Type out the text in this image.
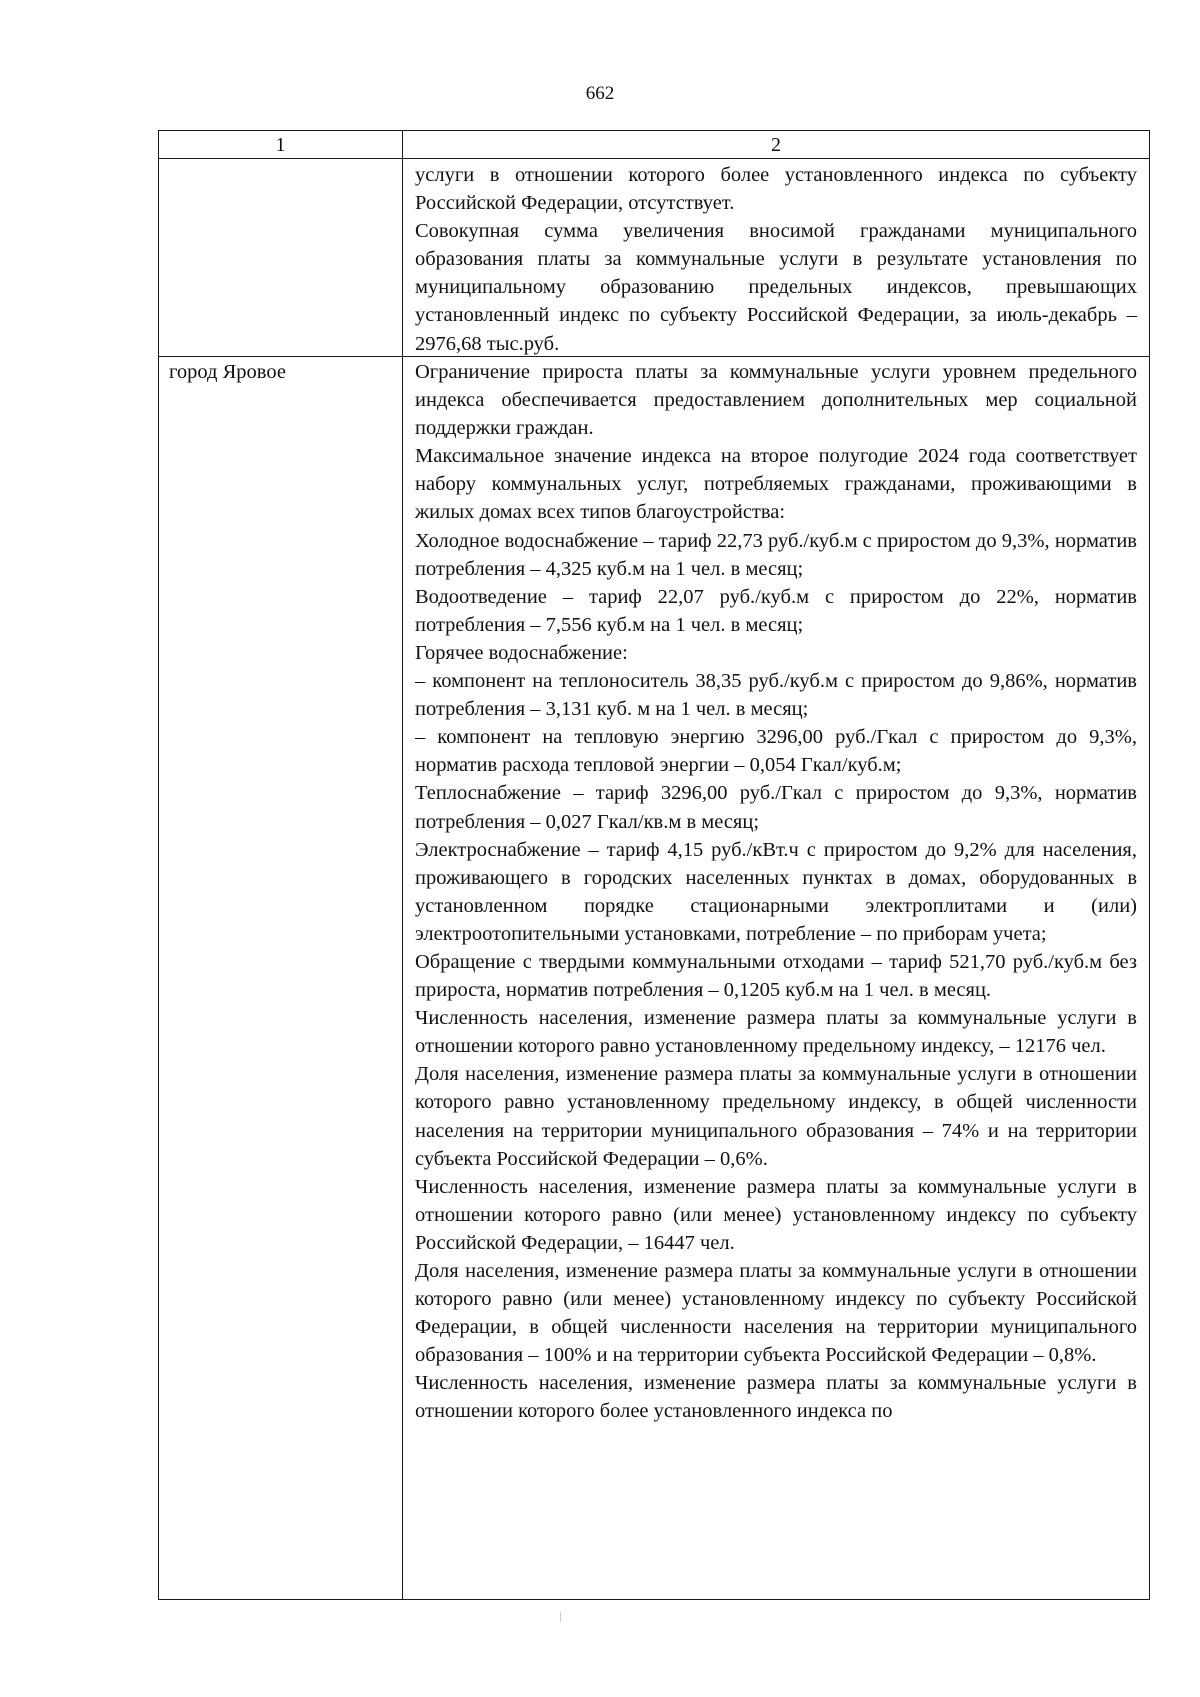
662
1	2

услуги в отношении которого более установленного индекса по субъекту Российской Федерации, отсутствует.

Совокупная сумма увеличения вносимой гражданами муниципального образования платы за коммунальные услуги в результате установления по муниципальному образованию предельных индексов, превышающих установленный индекс по субъекту Российской Федерации, за июль-декабрь – 2976,68 тыс.руб.

город Яровое	Ограничение прироста платы за коммунальные услуги уровнем предельного индекса обеспечивается предоставлением дополнительных мер социальной поддержки граждан.

Максимальное значение индекса на второе полугодие 2024 года соответствует набору коммунальных услуг, потребляемых гражданами, проживающими в жилых домах всех типов благоустройства:

Холодное водоснабжение – тариф 22,73 руб./куб.м с приростом до 9,3%, норматив потребления – 4,325 куб.м на 1 чел. в месяц;

Водоотведение – тариф 22,07 руб./куб.м с приростом до 22%, норматив потребления – 7,556 куб.м на 1 чел. в месяц;

Горячее водоснабжение:

– компонент на теплоноситель 38,35 руб./куб.м с приростом до 9,86%, норматив потребления – 3,131 куб. м на 1 чел. в месяц;

– компонент на тепловую энергию 3296,00 руб./Гкал с приростом до 9,3%, норматив расхода тепловой энергии – 0,054 Гкал/куб.м;

Теплоснабжение – тариф 3296,00 руб./Гкал с приростом до 9,3%, норматив потребления – 0,027 Гкал/кв.м в месяц;

Электроснабжение – тариф 4,15 руб./кВт.ч с приростом до 9,2% для населения, проживающего в городских населенных пунктах в домах, оборудованных в установленном порядке стационарными электроплитами и (или) электроотопительными установками, потребление – по приборам учета;

Обращение с твердыми коммунальными отходами – тариф 521,70 руб./куб.м без прироста, норматив потребления – 0,1205 куб.м на 1 чел. в месяц.

Численность населения, изменение размера платы за коммунальные услуги в отношении которого равно установленному предельному индексу, – 12176 чел.

Доля населения, изменение размера платы за коммунальные услуги в отношении которого равно установленному предельному индексу, в общей численности населения на территории муниципального образования – 74% и на территории субъекта Российской Федерации – 0,6%.

Численность населения, изменение размера платы за коммунальные услуги в отношении которого равно (или менее) установленному индексу по субъекту Российской Федерации, – 16447 чел.

Доля населения, изменение размера платы за коммунальные услуги в отношении которого равно (или менее) установленному индексу по субъекту Российской Федерации, в общей численности населения на территории муниципального образования – 100% и на территории субъекта Российской Федерации – 0,8%.

Численность населения, изменение размера платы за коммунальные услуги в отношении которого более установленного индекса по
